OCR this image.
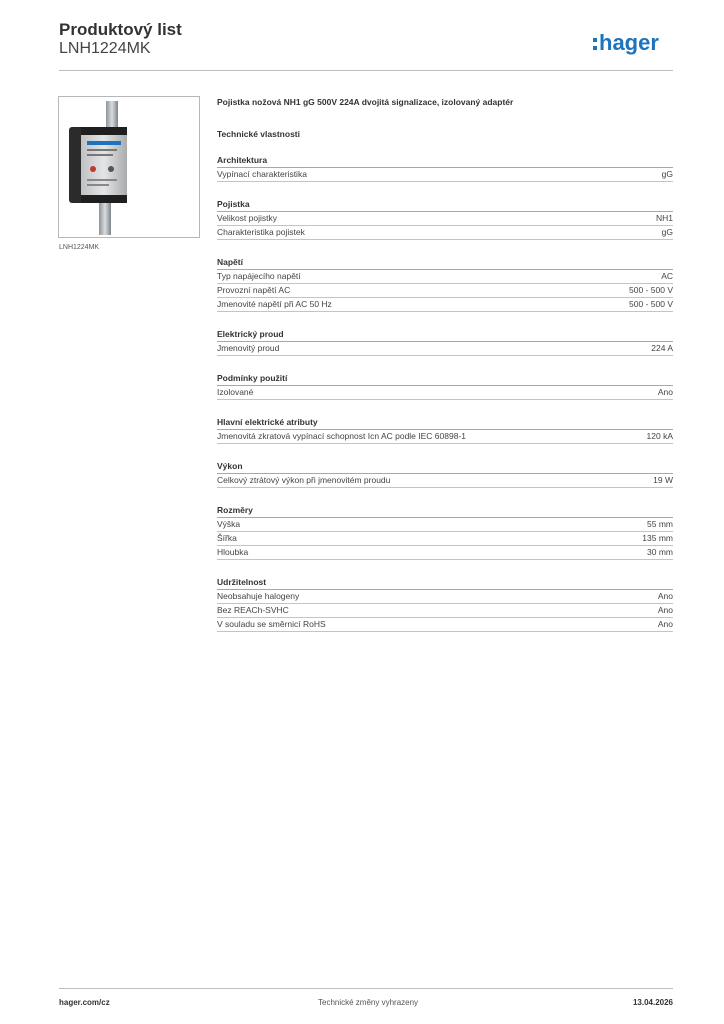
Produktový list
LNH1224MK	hager
LNH1224MK
Pojistka nožová NH1 gG 500V 224A dvojitá signalizace, izolovaný adaptér
Technické vlastnosti
Architektura
Vypínací charakteristika	gG
Pojistka
Velikost pojistky	NH1
Charakteristika pojistek	gG
Napětí
Typ napájecího napětí	AC
Provozní napětí AC	500 - 500 V
Jmenovité napětí při AC 50 Hz	500 - 500 V
Elektrický proud
Jmenovitý proud	224 A
Podmínky použití
Izolované	Ano
Hlavní elektrické atributy
Jmenovitá zkratová vypínací schopnost Icn AC podle IEC 60898-1	120 kA
Výkon
Celkový ztrátový výkon při jmenovitém proudu	19 W
Rozměry
Výška	55 mm
Šířka	135 mm
Hloubka	30 mm
Udržitelnost
Neobsahuje halogeny	Ano
Bez REACh-SVHC	Ano
V souladu se směrnicí RoHS	Ano
hager.com/cz	Technické změny vyhrazeny	13.04.2026
